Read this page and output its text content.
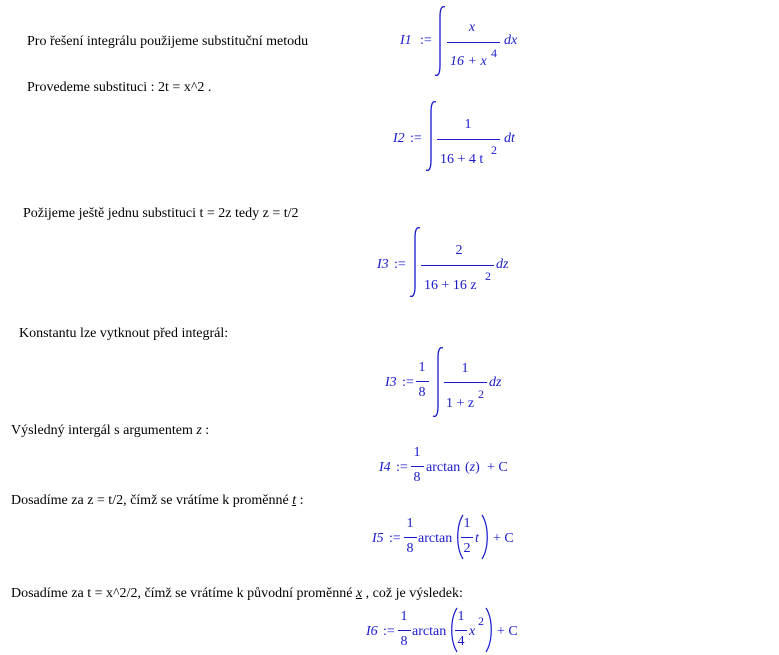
Pro řešení integrálu použijeme substituční metodu
Provedeme substituci : 2t = x^2 .
Požijeme ještě jednu substituci t = 2z tedy z = t/2
Konstantu lze vytknout před integrál:
Výsledný intergál s argumentem z :
Dosadíme za z = t/2, čímž se vrátíme k proměnné t :
Dosadíme za t = x^2/2, čímž se vrátíme k původní proměnné x , což je výsledek:
I1 :=
x
16 + x
4
dx
I2 :=
1
16 + 4 t
2
dt
I3 :=
2
16 + 16 z
2
dz
I3 :=
1
8
1
1 + z
2
dz
I4 :=
1
8
arctan (z) + C
I5 :=
1
8
arctan
1
2
t + C
I6 :=
1
8
arctan
1
4
x
2
+ C
